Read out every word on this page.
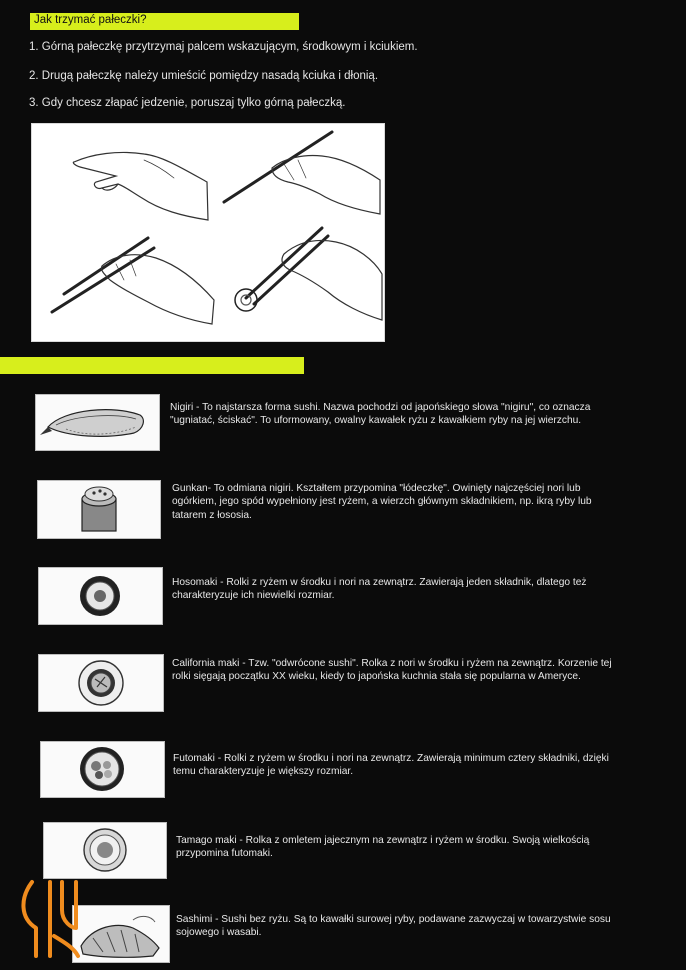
Jak trzymać pałeczki?
1. Górną pałeczkę przytrzymaj palcem wskazującym, środkowym i kciukiem.
2. Drugą pałeczkę należy umieścić pomiędzy nasadą kciuka i dłonią.
3. Gdy chcesz złapać jedzenie, poruszaj tylko górną pałeczką.
Nigiri - To najstarsza forma sushi. Nazwa pochodzi od japońskiego słowa "nigiru", co oznacza "ugniatać, ściskać". To uformowany, owalny kawałek ryżu z kawałkiem ryby na jej wierzchu.
Gunkan- To odmiana nigiri. Kształtem przypomina "łódeczkę". Owinięty najczęściej nori lub ogórkiem, jego spód wypełniony jest ryżem, a wierzch głównym składnikiem, np. ikrą ryby lub tatarem z łososia.
Hosomaki - Rolki z ryżem w środku i nori na zewnątrz. Zawierają jeden składnik, dlatego też charakteryzuje ich niewielki rozmiar.
California maki - Tzw. "odwrócone sushi". Rolka z nori w środku i ryżem na zewnątrz. Korzenie tej rolki sięgają początku XX wieku, kiedy to japońska kuchnia stała się popularna w Ameryce.
Futomaki - Rolki z ryżem w środku i nori na zewnątrz. Zawierają minimum cztery składniki, dzięki temu charakteryzuje je większy rozmiar.
Tamago maki - Rolka z omletem jajecznym na zewnątrz i ryżem w środku. Swoją wielkością przypomina futomaki.
Sashimi - Sushi bez ryżu. Są to kawałki surowej ryby, podawane zazwyczaj w towarzystwie sosu sojowego i wasabi.
